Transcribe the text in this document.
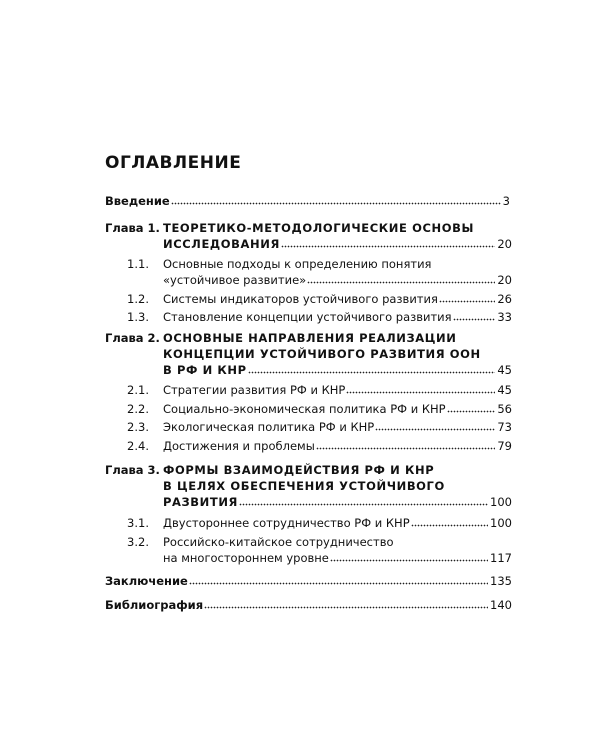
ОГЛАВЛЕНИЕ
Введение	3
Глава 1. ТЕОРЕТИКО-МЕТОДОЛОГИЧЕСКИЕ ОСНОВЫ
ИССЛЕДОВАНИЯ	20
1.1. Основные подходы к определению понятия
«устойчивое развитие»	20
1.2. Системы индикаторов устойчивого развития	26
1.3. Становление концепции устойчивого развития	33
Глава 2. ОСНОВНЫЕ НАПРАВЛЕНИЯ РЕАЛИЗАЦИИ
КОНЦЕПЦИИ УСТОЙЧИВОГО РАЗВИТИЯ ООН
В РФ И КНР	45
2.1. Стратегии развития РФ и КНР	45
2.2. Социально-экономическая политика РФ и КНР	56
2.3. Экологическая политика РФ и КНР	73
2.4. Достижения и проблемы	79
Глава 3. ФОРМЫ ВЗАИМОДЕЙСТВИЯ РФ И КНР
В ЦЕЛЯХ ОБЕСПЕЧЕНИЯ УСТОЙЧИВОГО
РАЗВИТИЯ	100
3.1. Двустороннее сотрудничество РФ и КНР	100
3.2. Российско-китайское сотрудничество
на многостороннем уровне	117
Заключение	135
Библиография	140
